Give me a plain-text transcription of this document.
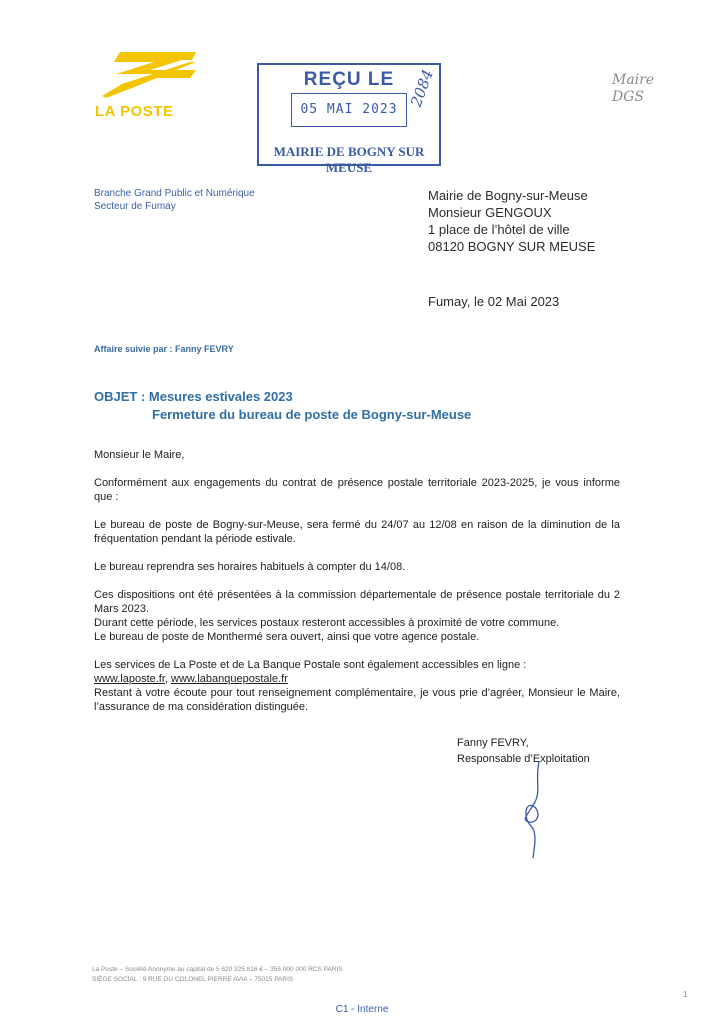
LA POSTE
REÇU LE
05 MAI 2023
2084
MAIRIE DE BOGNY SUR MEUSE
Maire
DGS
Branche Grand Public et Numérique
Secteur de Fumay
Mairie de Bogny-sur-Meuse
Monsieur GENGOUX
1 place de l’hôtel de ville
08120 BOGNY SUR MEUSE
Fumay, le 02 Mai 2023
Affaire suivie par : Fanny FEVRY
OBJET : Mesures estivales 2023
Fermeture du bureau de poste de Bogny-sur-Meuse

Monsieur le Maire,

Conformément aux engagements du contrat de présence postale territoriale 2023-2025, je vous informe que :

Le bureau de poste de Bogny-sur-Meuse, sera fermé du 24/07 au 12/08 en raison de la diminution de la fréquentation pendant la période estivale.

Le bureau reprendra ses horaires habituels à compter du 14/08.

Ces dispositions ont été présentées à la commission départementale de présence postale territoriale du 2 Mars 2023.

Durant cette période, les services postaux resteront accessibles à proximité de votre commune.

Le bureau de poste de Monthermé sera ouvert, ainsi que votre agence postale.

Les services de La Poste et de La Banque Postale sont également accessibles en ligne :

www.laposte.fr, www.labanquepostale.fr

Restant à votre écoute pour tout renseignement complémentaire, je vous prie d’agréer, Monsieur le Maire, l’assurance de ma considération distinguée.

Fanny FEVRY,
Responsable d’Exploitation
La Poste – Société Anonyme au capital de 5 620 325 816 € – 356 000 000 RCS PARIS
SIÈGE SOCIAL : 9 RUE DU COLONEL PIERRE AVIA – 75015 PARIS
1
C1 - Interne
